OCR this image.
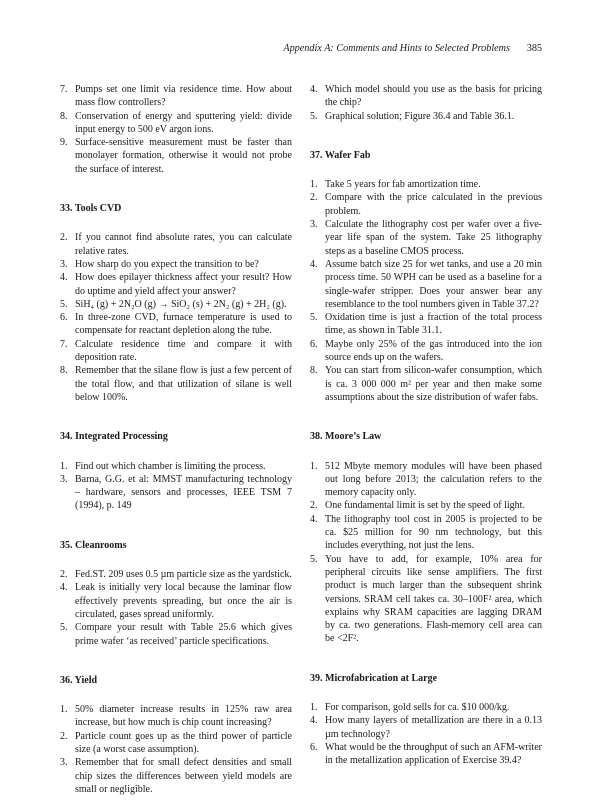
Appendix A: Comments and Hints to Selected Problems 385
7. Pumps set one limit via residence time. How about mass flow controllers?
8. Conservation of energy and sputtering yield: divide input energy to 500 eV argon ions.
9. Surface-sensitive measurement must be faster than monolayer formation, otherwise it would not probe the surface of interest.
33. Tools CVD
2. If you cannot find absolute rates, you can calculate relative rates.
3. How sharp do you expect the transition to be?
4. How does epilayer thickness affect your result? How do uptime and yield affect your answer?
5. SiH₄ (g) + 2N₂O (g) → SiO₂ (s) + 2N₂ (g) + 2H₂ (g).
6. In three-zone CVD, furnace temperature is used to compensate for reactant depletion along the tube.
7. Calculate residence time and compare it with deposition rate.
8. Remember that the silane flow is just a few percent of the total flow, and that utilization of silane is well below 100%.
34. Integrated Processing
1. Find out which chamber is limiting the process.
3. Barna, G.G. et al: MMST manufacturing technology – hardware, sensors and processes, IEEE TSM 7 (1994), p. 149
35. Cleanrooms
2. Fed.ST. 209 uses 0.5 µm particle size as the yardstick.
4. Leak is initially very local because the laminar flow effectively prevents spreading, but once the air is circulated, gases spread uniformly.
5. Compare your result with Table 25.6 which gives prime wafer ‘as received’ particle specifications.
36. Yield
1. 50% diameter increase results in 125% raw area increase, but how much is chip count increasing?
2. Particle count goes up as the third power of particle size (a worst case assumption).
3. Remember that for small defect densities and small chip sizes the differences between yield models are small or negligible.
4. Which model should you use as the basis for pricing the chip?
5. Graphical solution; Figure 36.4 and Table 36.1.
37. Wafer Fab
1. Take 5 years for fab amortization time.
2. Compare with the price calculated in the previous problem.
3. Calculate the lithography cost per wafer over a five-year life span of the system. Take 25 lithography steps as a baseline CMOS process.
4. Assume batch size 25 for wet tanks, and use a 20 min process time. 50 WPH can be used as a baseline for a single-wafer stripper. Does your answer bear any resemblance to the tool numbers given in Table 37.2?
5. Oxidation time is just a fraction of the total process time, as shown in Table 31.1.
6. Maybe only 25% of the gas introduced into the ion source ends up on the wafers.
8. You can start from silicon-wafer consumption, which is ca. 3 000 000 m² per year and then make some assumptions about the size distribution of wafer fabs.
38. Moore’s Law
1. 512 Mbyte memory modules will have been phased out long before 2013; the calculation refers to the memory capacity only.
2. One fundamental limit is set by the speed of light.
4. The lithography tool cost in 2005 is projected to be ca. $25 million for 90 nm technology, but this includes everything, not just the lens.
5. You have to add, for example, 10% area for peripheral circuits like sense amplifiers. The first product is much larger than the subsequent shrink versions. SRAM cell takes ca. 30–100F² area, which explains why SRAM capacities are lagging DRAM by ca. two generations. Flash-memory cell area can be <2F².
39. Microfabrication at Large
1. For comparison, gold sells for ca. $10 000/kg.
4. How many layers of metallization are there in a 0.13 µm technology?
6. What would be the throughput of such an AFM-writer in the metallization application of Exercise 39.4?
